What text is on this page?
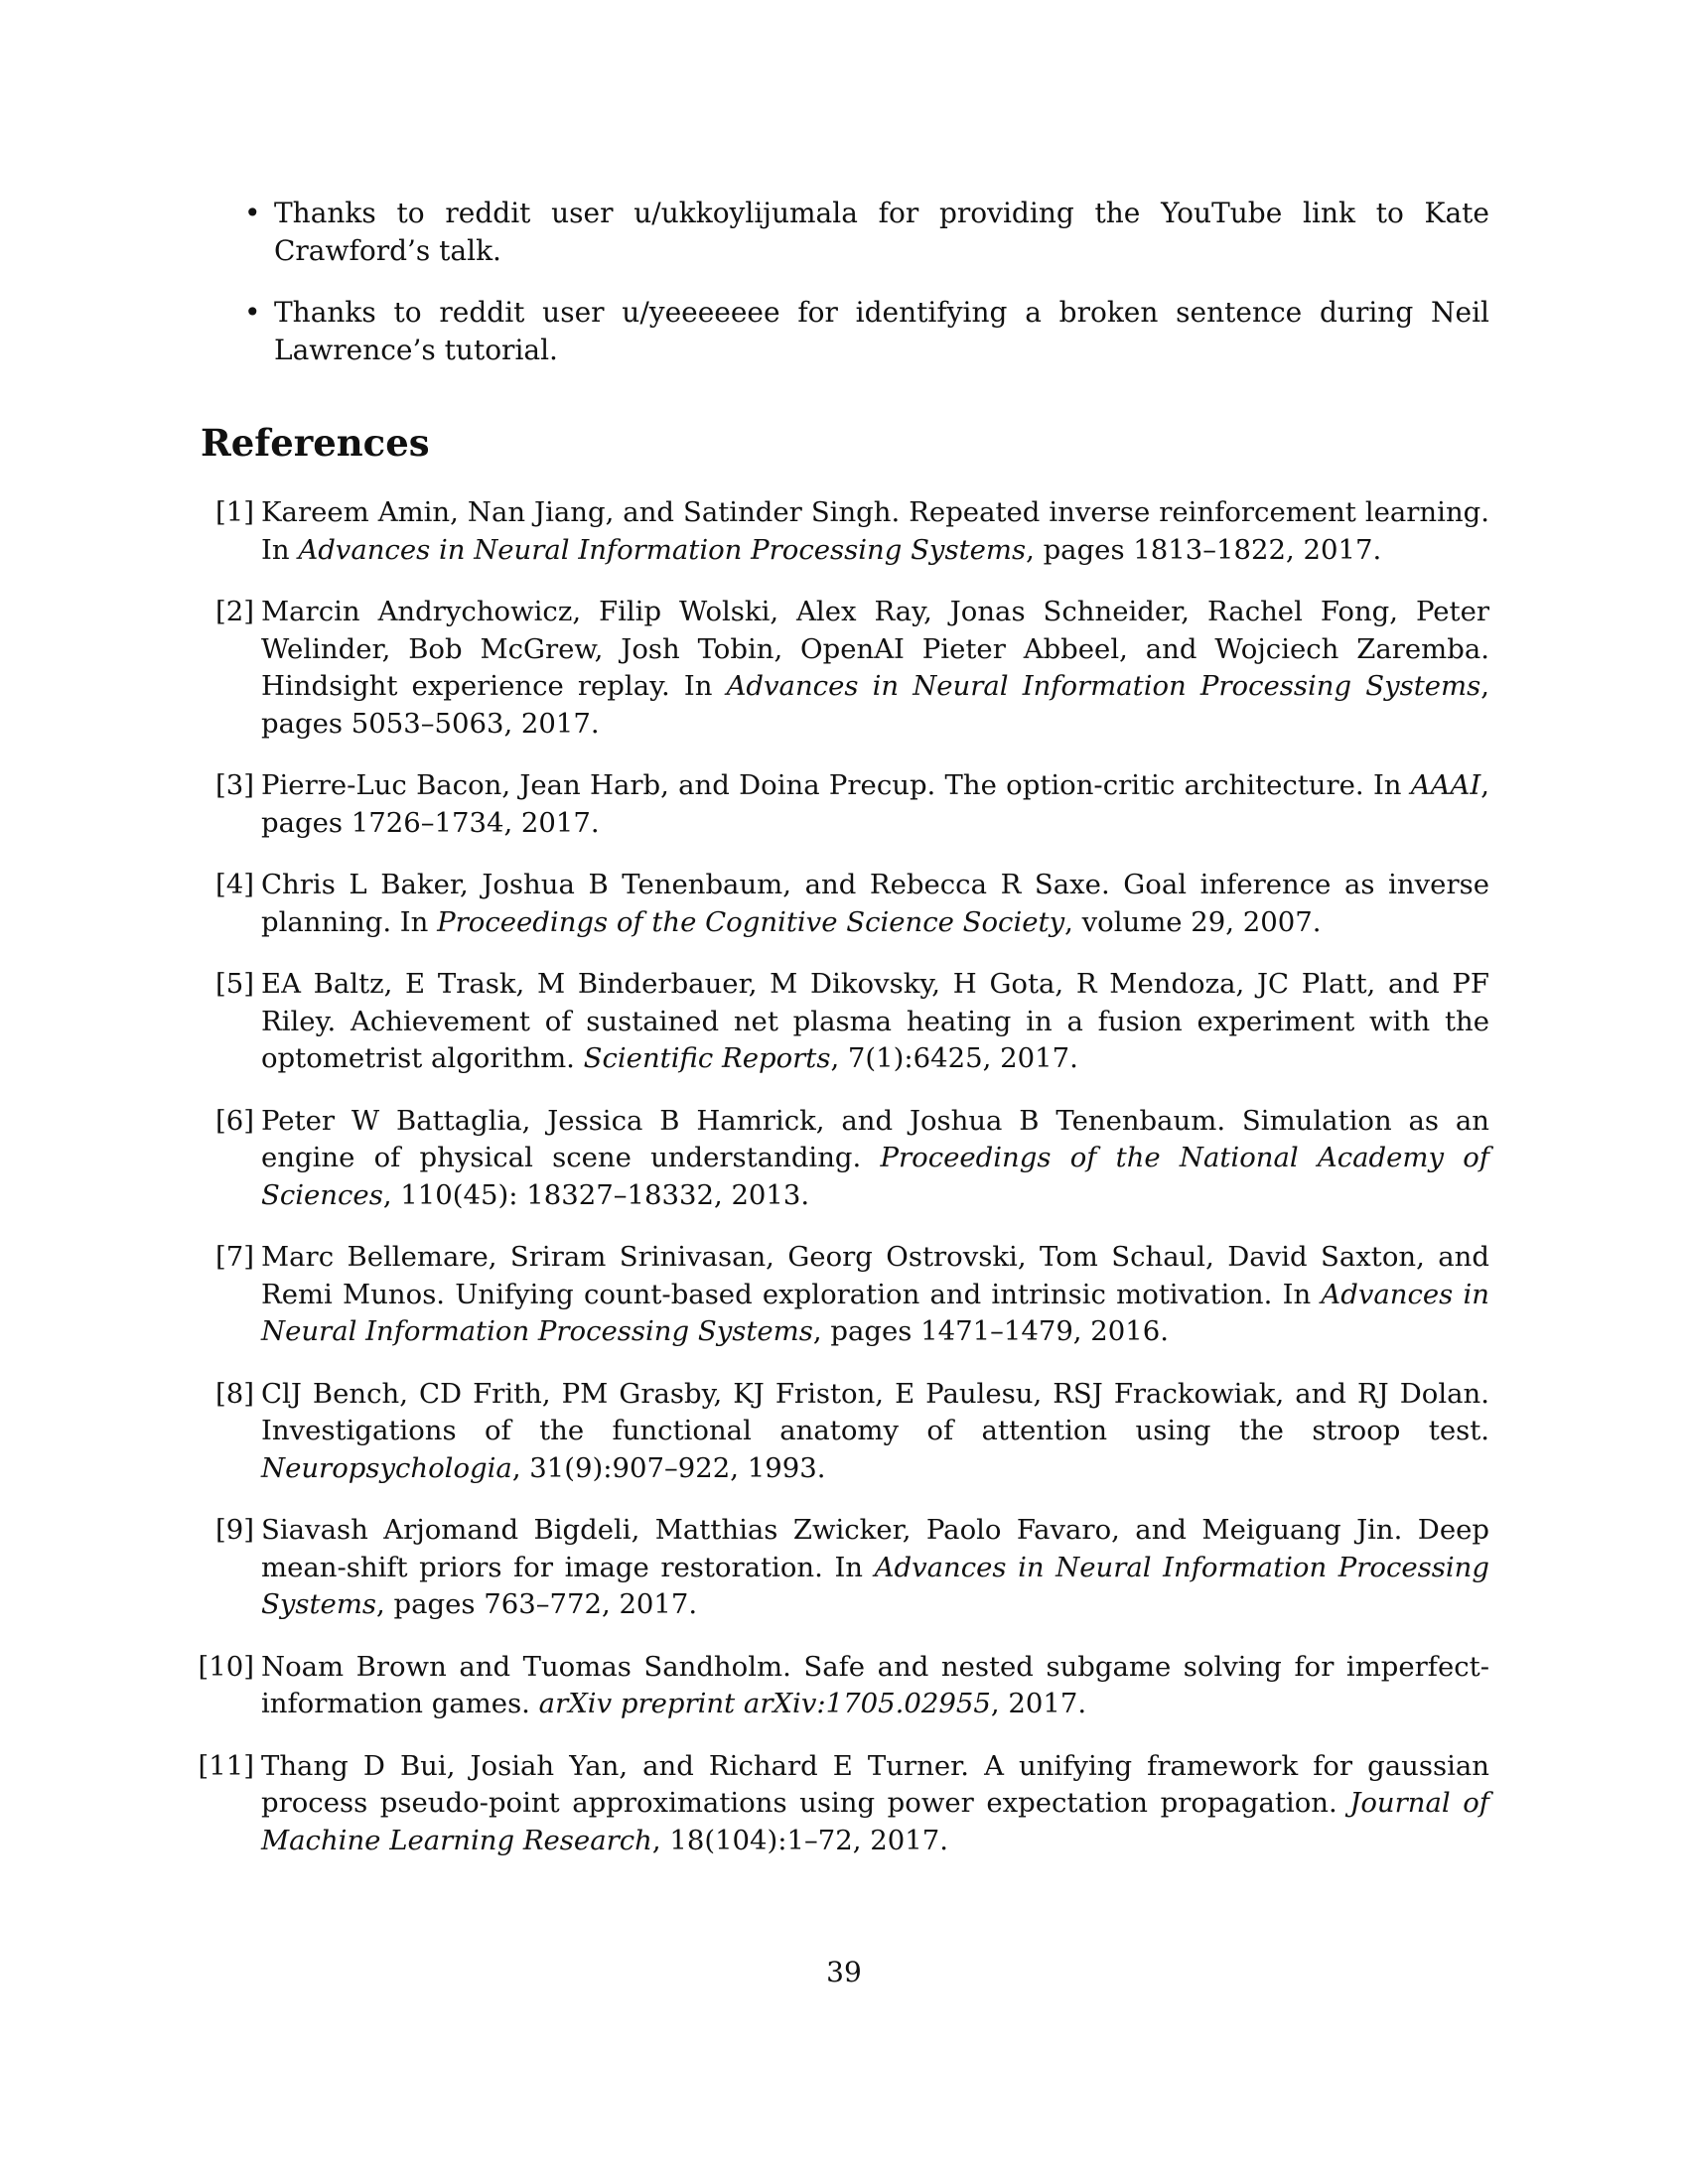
• Thanks to reddit user u/ukkoylijumala for providing the YouTube link to Kate Crawford’s talk.
• Thanks to reddit user u/yeeeeeee for identifying a broken sentence during Neil Lawrence’s tutorial.
References
[1] Kareem Amin, Nan Jiang, and Satinder Singh. Repeated inverse reinforcement learning. In Advances in Neural Information Processing Systems, pages 1813–1822, 2017.
[2] Marcin Andrychowicz, Filip Wolski, Alex Ray, Jonas Schneider, Rachel Fong, Peter Welinder, Bob McGrew, Josh Tobin, OpenAI Pieter Abbeel, and Wojciech Zaremba. Hindsight experience replay. In Advances in Neural Information Processing Systems, pages 5053–5063, 2017.
[3] Pierre-Luc Bacon, Jean Harb, and Doina Precup. The option-critic architecture. In AAAI, pages 1726–1734, 2017.
[4] Chris L Baker, Joshua B Tenenbaum, and Rebecca R Saxe. Goal inference as inverse planning. In Proceedings of the Cognitive Science Society, volume 29, 2007.
[5] EA Baltz, E Trask, M Binderbauer, M Dikovsky, H Gota, R Mendoza, JC Platt, and PF Riley. Achievement of sustained net plasma heating in a fusion experiment with the optometrist algorithm. Scientific Reports, 7(1):6425, 2017.
[6] Peter W Battaglia, Jessica B Hamrick, and Joshua B Tenenbaum. Simulation as an engine of physical scene understanding. Proceedings of the National Academy of Sciences, 110(45): 18327–18332, 2013.
[7] Marc Bellemare, Sriram Srinivasan, Georg Ostrovski, Tom Schaul, David Saxton, and Remi Munos. Unifying count-based exploration and intrinsic motivation. In Advances in Neural Information Processing Systems, pages 1471–1479, 2016.
[8] ClJ Bench, CD Frith, PM Grasby, KJ Friston, E Paulesu, RSJ Frackowiak, and RJ Dolan. Investigations of the functional anatomy of attention using the stroop test. Neuropsychologia, 31(9):907–922, 1993.
[9] Siavash Arjomand Bigdeli, Matthias Zwicker, Paolo Favaro, and Meiguang Jin. Deep mean-shift priors for image restoration. In Advances in Neural Information Processing Systems, pages 763–772, 2017.
[10] Noam Brown and Tuomas Sandholm. Safe and nested subgame solving for imperfect-information games. arXiv preprint arXiv:1705.02955, 2017.
[11] Thang D Bui, Josiah Yan, and Richard E Turner. A unifying framework for gaussian process pseudo-point approximations using power expectation propagation. Journal of Machine Learning Research, 18(104):1–72, 2017.
39
